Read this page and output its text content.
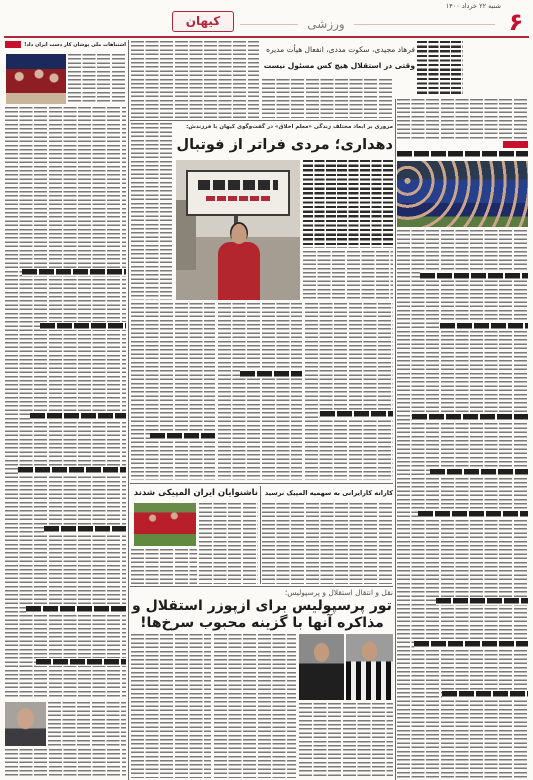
شنبه ۲۲ خرداد ۱۴۰۰
۶
ورزشی
کیهان
اشتباهات ملی پوشان کار دست ایران داد!	فرهاد مجیدی، سکوت مددی، انفعال هیأت مدیره
وقتی در استقلال هیچ کس مسئول نیست
مروری بر ابعاد مختلف زندگی «معلم اخلاق» در گفت‌وگوی کیهان با فرزندش:
دهداری؛ مردی فراتر از فوتبال
کاراته کارایرانی به سهمیه المپیک نرسید
ناشنوایان ایران المپیکی شدند
نقل و انتقال استقلال و پرسپولیس؛
تور پرسپولیس برای ازپوزر استقلال و مذاکره آنها با گزینه محبوب سرخ‌ها!
